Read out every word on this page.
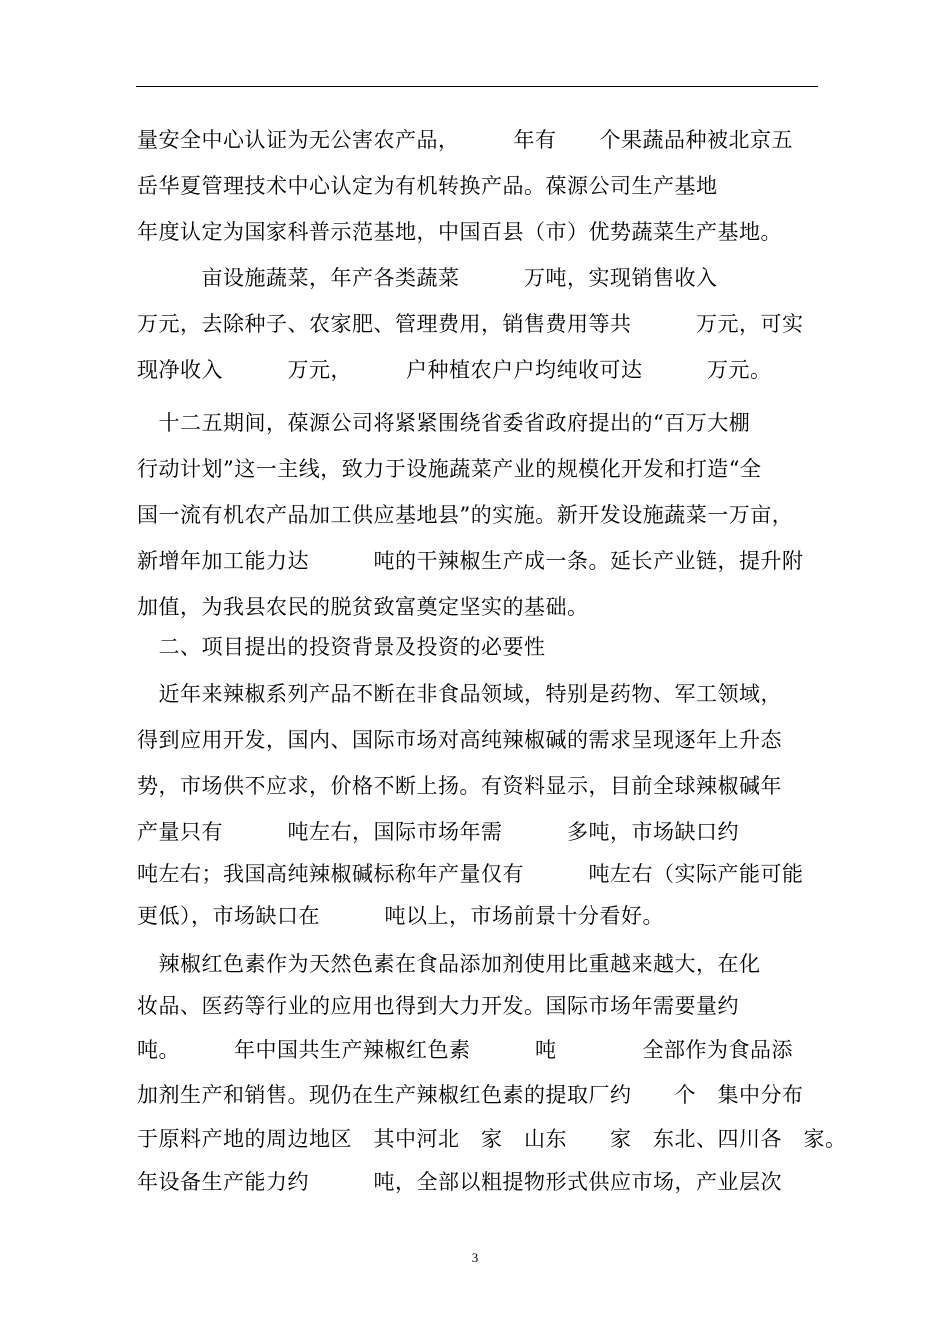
量安全中心认证为无公害农产品，　　　年有　　个果蔬品种被北京五
岳华夏管理技术中心认定为有机转换产品。葆源公司生产基地
年度认定为国家科普示范基地，中国百县（市）优势蔬菜生产基地。
　　　亩设施蔬菜，年产各类蔬菜　　　万吨，实现销售收入
万元，去除种子、农家肥、管理费用，销售费用等共　　　万元，可实
现净收入　　　万元，　　　户种植农户户均纯收可达　　　万元。
　十二五期间，葆源公司将紧紧围绕省委省政府提出的“百万大棚
行动计划”这一主线，致力于设施蔬菜产业的规模化开发和打造“全
国一流有机农产品加工供应基地县”的实施。新开发设施蔬菜一万亩，
新增年加工能力达　　　吨的干辣椒生产成一条。延长产业链，提升附
加值，为我县农民的脱贫致富奠定坚实的基础。
　二、项目提出的投资背景及投资的必要性
　近年来辣椒系列产品不断在非食品领域，特别是药物、军工领域，
得到应用开发，国内、国际市场对高纯辣椒碱的需求呈现逐年上升态
势，市场供不应求，价格不断上扬。有资料显示，目前全球辣椒碱年
产量只有　　　吨左右，国际市场年需　　　多吨，市场缺口约
吨左右；我国高纯辣椒碱标称年产量仅有　　　吨左右（实际产能可能
更低），市场缺口在　　　吨以上，市场前景十分看好。
　辣椒红色素作为天然色素在食品添加剂使用比重越来越大，在化
妆品、医药等行业的应用也得到大力开发。国际市场年需要量约
吨。　　　年中国共生产辣椒红色素　　　吨　　　　全部作为食品添
加剂生产和销售。现仍在生产辣椒红色素的提取厂约　　个　集中分布
于原料产地的周边地区　其中河北　家　山东　　家　东北、四川各　家。
年设备生产能力约　　　吨，全部以粗提物形式供应市场，产业层次
3
